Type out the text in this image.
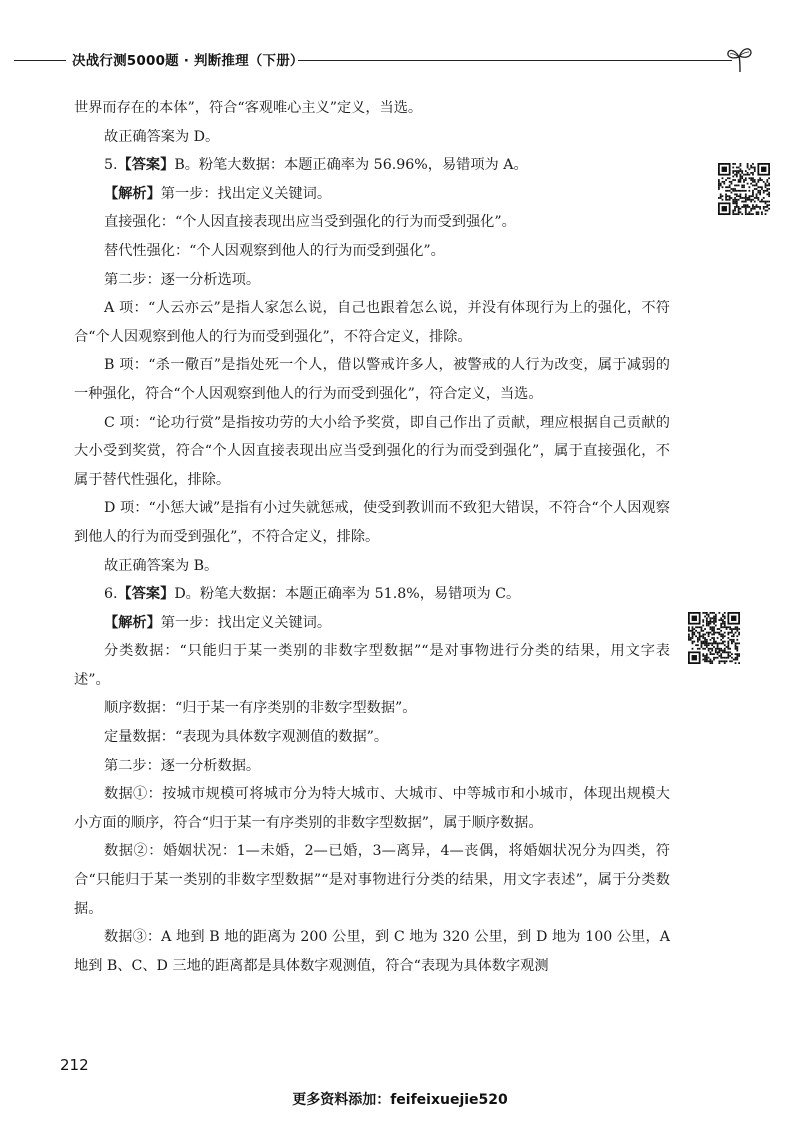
决战行测5000题 · 判断推理（下册）

世界而存在的本体”，符合“客观唯心主义”定义，当选。

故正确答案为 D。

5.【答案】B。粉笔大数据：本题正确率为 56.96%，易错项为 A。

【解析】第一步：找出定义关键词。

直接强化：“个人因直接表现出应当受到强化的行为而受到强化”。

替代性强化：“个人因观察到他人的行为而受到强化”。

第二步：逐一分析选项。

A 项：“人云亦云”是指人家怎么说，自己也跟着怎么说，并没有体现行为上的强化，不符合“个人因观察到他人的行为而受到强化”，不符合定义，排除。

B 项：“杀一儆百”是指处死一个人，借以警戒许多人，被警戒的人行为改变，属于减弱的一种强化，符合“个人因观察到他人的行为而受到强化”，符合定义，当选。

C 项：“论功行赏”是指按功劳的大小给予奖赏，即自己作出了贡献，理应根据自己贡献的大小受到奖赏，符合“个人因直接表现出应当受到强化的行为而受到强化”，属于直接强化，不属于替代性强化，排除。

D 项：“小惩大诫”是指有小过失就惩戒，使受到教训而不致犯大错误，不符合“个人因观察到他人的行为而受到强化”，不符合定义，排除。

故正确答案为 B。

6.【答案】D。粉笔大数据：本题正确率为 51.8%，易错项为 C。

【解析】第一步：找出定义关键词。

分类数据：“只能归于某一类别的非数字型数据”“是对事物进行分类的结果，用文字表述”。

顺序数据：“归于某一有序类别的非数字型数据”。

定量数据：“表现为具体数字观测值的数据”。

第二步：逐一分析数据。

数据①：按城市规模可将城市分为特大城市、大城市、中等城市和小城市，体现出规模大小方面的顺序，符合“归于某一有序类别的非数字型数据”，属于顺序数据。

数据②：婚姻状况：1—未婚，2—已婚，3—离异，4—丧偶，将婚姻状况分为四类，符合“只能归于某一类别的非数字型数据”“是对事物进行分类的结果，用文字表述”，属于分类数据。

数据③：A 地到 B 地的距离为 200 公里，到 C 地为 320 公里，到 D 地为 100 公里，A 地到 B、C、D 三地的距离都是具体数字观测值，符合“表现为具体数字观测

212
更多资料添加：feifeixuejie520
